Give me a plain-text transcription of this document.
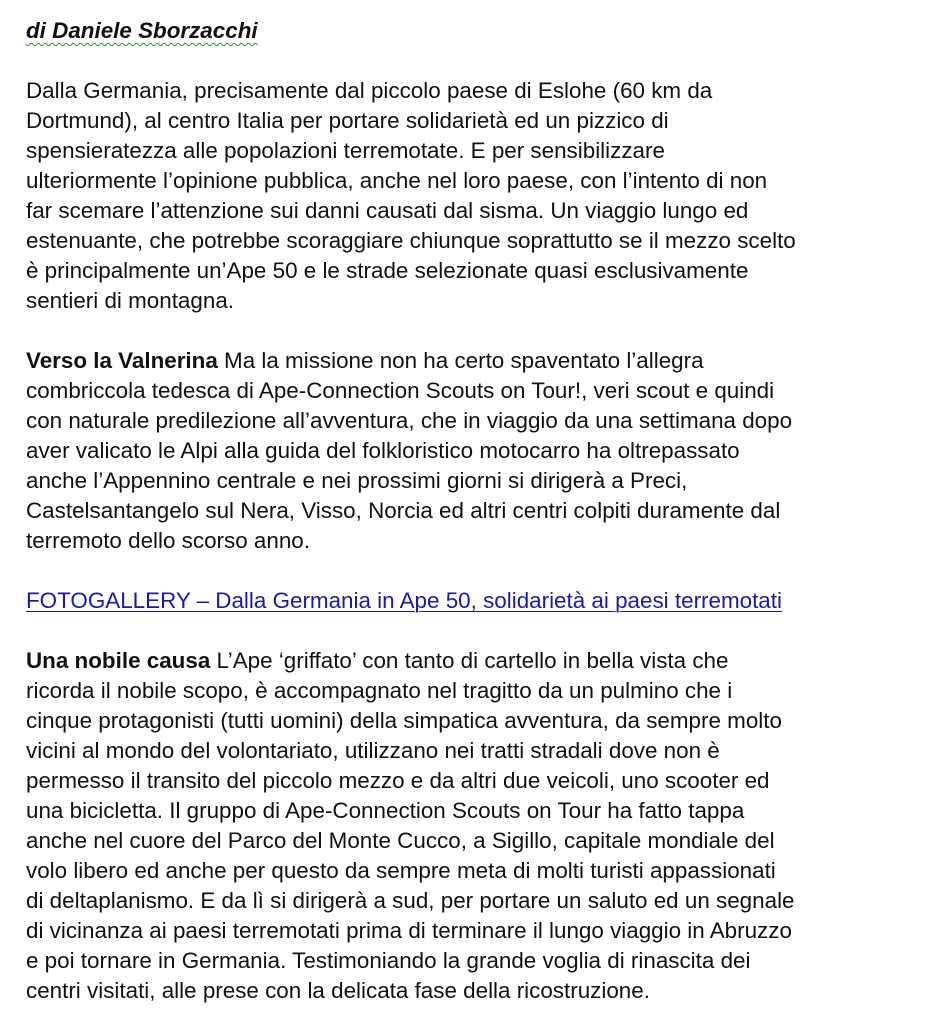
di Daniele Sborzacchi
Dalla Germania, precisamente dal piccolo paese di Eslohe (60 km da
Dortmund), al centro Italia per portare solidarietà ed un pizzico di
spensieratezza alle popolazioni terremotate. E per sensibilizzare
ulteriormente l’opinione pubblica, anche nel loro paese, con l’intento di non
far scemare l’attenzione sui danni causati dal sisma. Un viaggio lungo ed
estenuante, che potrebbe scoraggiare chiunque soprattutto se il mezzo scelto
è principalmente un’Ape 50 e le strade selezionate quasi esclusivamente
sentieri di montagna.
Verso la Valnerina Ma la missione non ha certo spaventato l’allegra
combriccola tedesca di Ape-Connection Scouts on Tour!, veri scout e quindi
con naturale predilezione all’avventura, che in viaggio da una settimana dopo
aver valicato le Alpi alla guida del folkloristico motocarro ha oltrepassato
anche l’Appennino centrale e nei prossimi giorni si dirigerà a Preci,
Castelsantangelo sul Nera, Visso, Norcia ed altri centri colpiti duramente dal
terremoto dello scorso anno.
FOTOGALLERY – Dalla Germania in Ape 50, solidarietà ai paesi terremotati
Una nobile causa L’Ape ‘griffato’ con tanto di cartello in bella vista che
ricorda il nobile scopo, è accompagnato nel tragitto da un pulmino che i
cinque protagonisti (tutti uomini) della simpatica avventura, da sempre molto
vicini al mondo del volontariato, utilizzano nei tratti stradali dove non è
permesso il transito del piccolo mezzo e da altri due veicoli, uno scooter ed
una bicicletta. Il gruppo di Ape-Connection Scouts on Tour ha fatto tappa
anche nel cuore del Parco del Monte Cucco, a Sigillo, capitale mondiale del
volo libero ed anche per questo da sempre meta di molti turisti appassionati
di deltaplanismo. E da lì si dirigerà a sud, per portare un saluto ed un segnale
di vicinanza ai paesi terremotati prima di terminare il lungo viaggio in Abruzzo
e poi tornare in Germania. Testimoniando la grande voglia di rinascita dei
centri visitati, alle prese con la delicata fase della ricostruzione.
